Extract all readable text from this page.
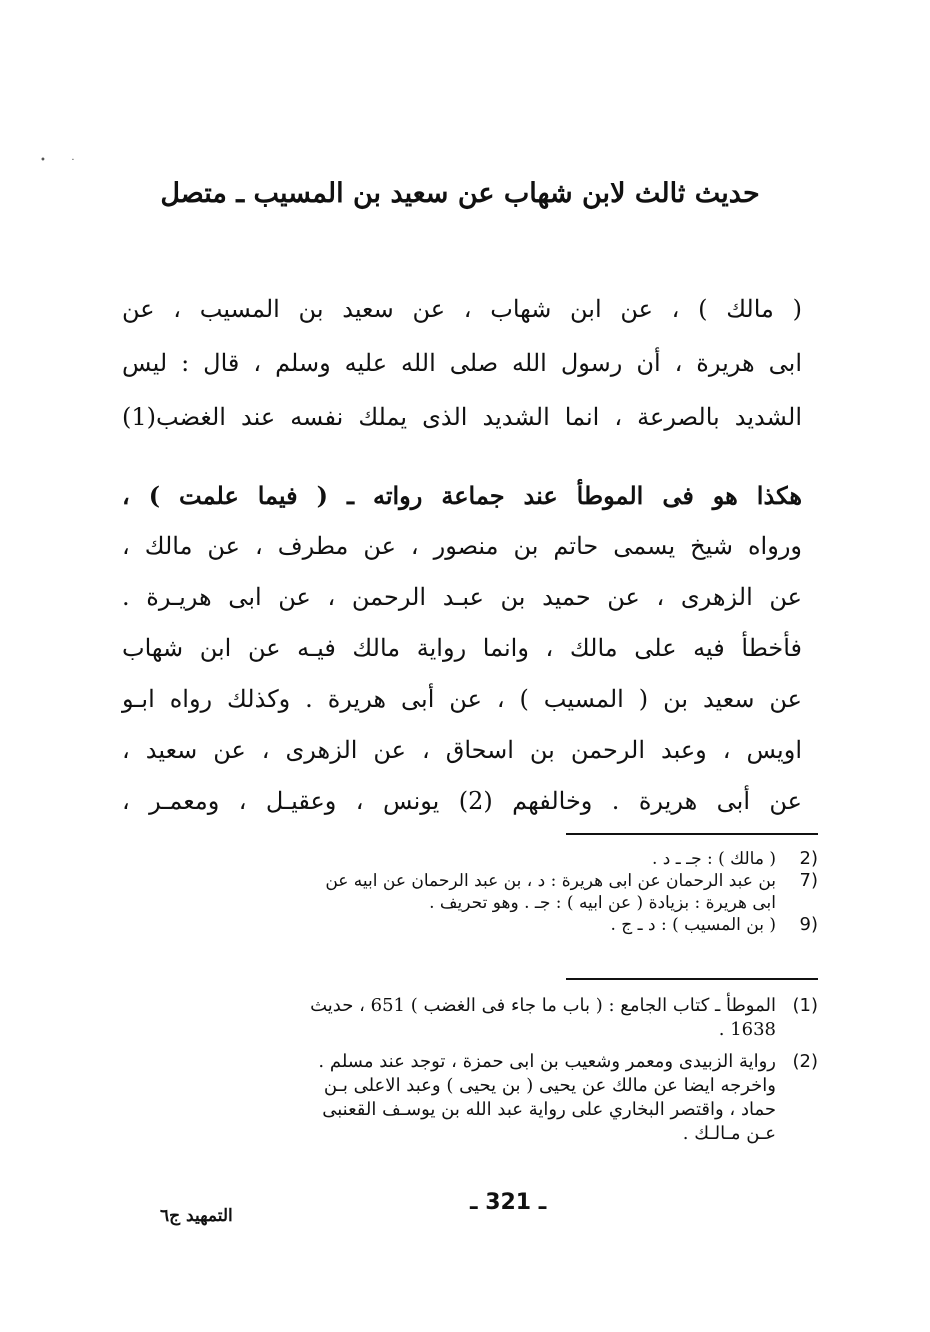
•        ·
حديث ثالث لابن شهاب عن سعيد بن المسيب ـ متصل

( مالك ) ، عن ابن شهاب ، عن سعيد بن المسيب ، عن
ابى هريرة ، أن رسول الله صلى الله عليه وسلم ، قال : ليس
الشديد بالصرعة ، انما الشديد الذى يملك نفسه عند الغضب(1)

هكذا هو فى الموطأ عند جماعة رواته ـ ( فيما علمت ) ،
ورواه شيخ يسمى حاتم بن منصور ، عن مطرف ، عن مالك ،
عن الزهرى ، عن حميد بن عبـد الرحمن ، عن ابى هريـرة .
فأخطأ فيه على مالك ، وانما رواية مالك فيـه عن ابن شهاب
عن سعيد بن ( المسيب ) ، عن أبى هريرة . وكذلك رواه ابـو
اويس ، وعبد الرحمن بن اسحاق ، عن الزهرى ، عن سعيد ،
عن أبى هريرة . وخالفهم (2) يونس ، وعقيـل ، ومعمـر ،

2)
( مالك ) : جـ ـ د .
7)
بن عبد الرحمان عن ابى هريرة : د ، بن عبد الرحمان عن ابيه عن
ابى هريرة : بزيادة ( عن ابيه ) : جـ . وهو تحريف .
9)
( بن المسيب ) : د ـ ج .
(1)
الموطأ ـ كتاب الجامع : ( باب ما جاء فى الغضب ) 651 ، حديث
1638 .
(2)
رواية الزبيدى ومعمر وشعيب بن ابى حمزة ، توجد عند مسلم .
واخرجه ايضا عن مالك عن يحيى ( بن يحيى ) وعبد الاعلى بـن
حماد ، واقتصر البخاري على رواية عبد الله بن يوسـف القعنبى
عـن مـالـك .
ـ 321 ـ
التمهيد ج٦
